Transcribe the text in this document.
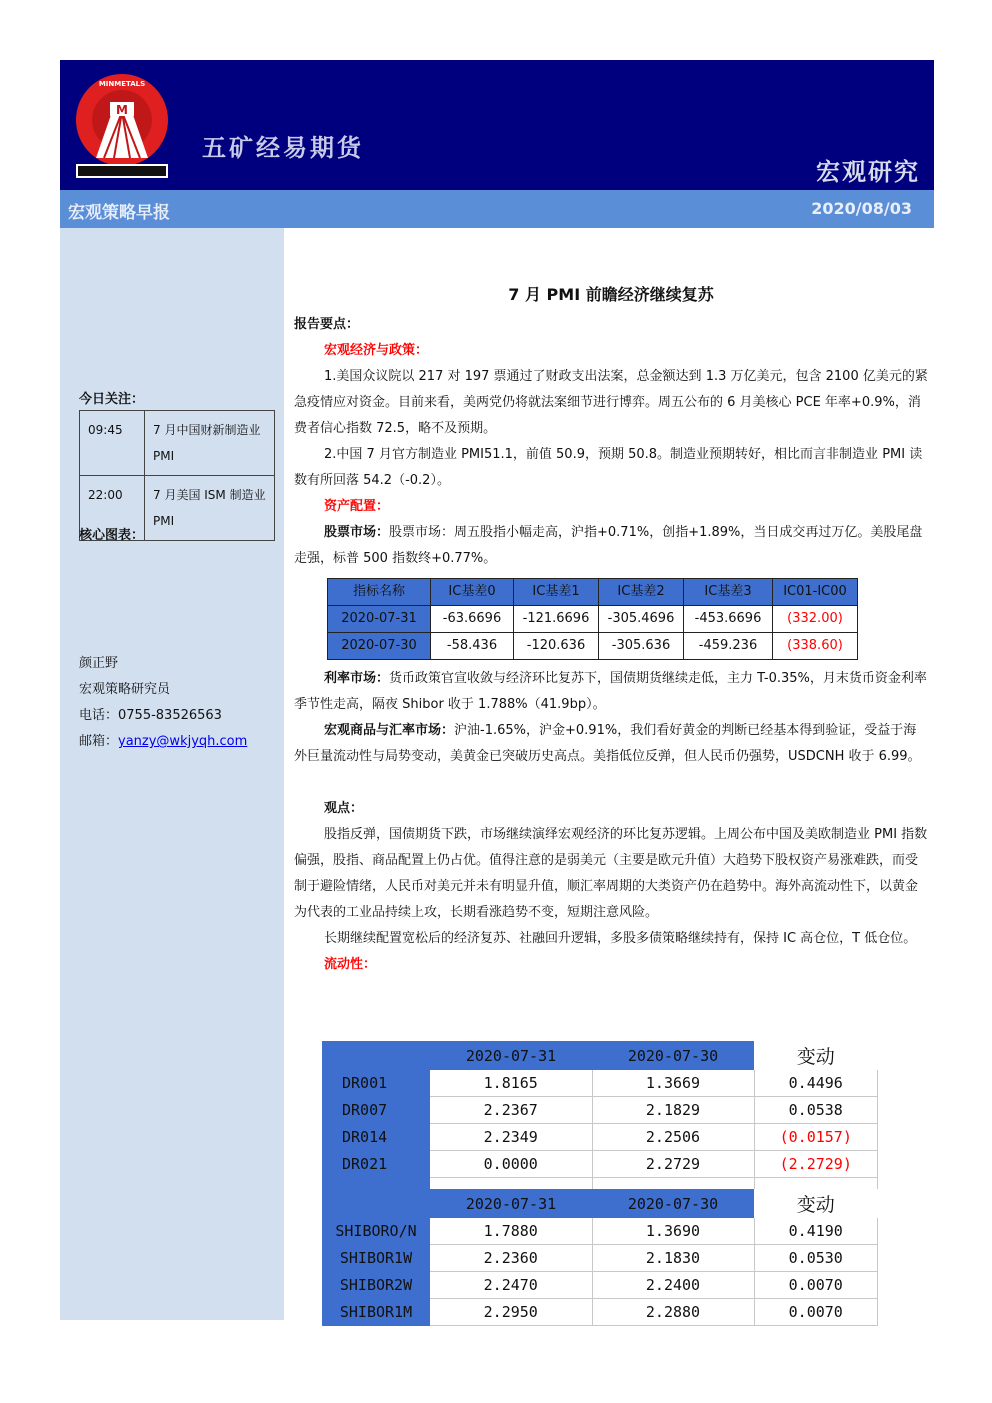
M
MINMETALS
五矿经易期货
宏观研究
宏观策略早报	2020/08/03
今日关注：
09:45	7 月中国财新制造业 PMI
22:00	7 月美国 ISM 制造业 PMI
核心图表：
颜正野
宏观策略研究员
电话：0755-83526563
邮箱：yanzy@wkjyqh.com
7 月 PMI 前瞻经济继续复苏

报告要点：

宏观经济与政策：

1.美国众议院以 217 对 197 票通过了财政支出法案，总金额达到 1.3 万亿美元，包含 2100 亿美元的紧急疫情应对资金。目前来看，美两党仍将就法案细节进行博弈。周五公布的 6 月美核心 PCE 年率+0.9%，消费者信心指数 72.5，略不及预期。

2.中国 7 月官方制造业 PMI51.1，前值 50.9，预期 50.8。制造业预期转好，相比而言非制造业 PMI 读数有所回落 54.2（-0.2）。

资产配置：

股票市场：股票市场：周五股指小幅走高，沪指+0.71%，创指+1.89%，当日成交再过万亿。美股尾盘走强，标普 500 指数终+0.77%。

指标名称	IC基差0	IC基差1	IC基差2	IC基差3	IC01-IC00
2020-07-31	-63.6696	-121.6696	-305.4696	-453.6696	(332.00)
2020-07-30	-58.436	-120.636	-305.636	-459.236	(338.60)

利率市场：货币政策官宣收敛与经济环比复苏下，国债期货继续走低，主力 T-0.35%，月末货币资金利率季节性走高，隔夜 Shibor 收于 1.788%（41.9bp）。

宏观商品与汇率市场：沪油-1.65%，沪金+0.91%，我们看好黄金的判断已经基本得到验证，受益于海外巨量流动性与局势变动，美黄金已突破历史高点。美指低位反弹，但人民币仍强势，USDCNH 收于 6.99。

观点：

股指反弹，国债期货下跌，市场继续演绎宏观经济的环比复苏逻辑。上周公布中国及美欧制造业 PMI 指数偏强，股指、商品配置上仍占优。值得注意的是弱美元（主要是欧元升值）大趋势下股权资产易涨难跌，而受制于避险情绪，人民币对美元并未有明显升值，顺汇率周期的大类资产仍在趋势中。海外高流动性下，以黄金为代表的工业品持续上攻，长期看涨趋势不变，短期注意风险。

长期继续配置宽松后的经济复苏、社融回升逻辑，多股多债策略继续持有，保持 IC 高仓位，T 低仓位。

流动性：

	2020-07-31	2020-07-30	变动
DR001	1.8165	1.3669	0.4496
DR007	2.2367	2.1829	0.0538
DR014	2.2349	2.2506	(0.0157)
DR021	0.0000	2.2729	(2.2729)

	2020-07-31	2020-07-30	变动
SHIBORO/N	1.7880	1.3690	0.4190
SHIBOR1W	2.2360	2.1830	0.0530
SHIBOR2W	2.2470	2.2400	0.0070
SHIBOR1M	2.2950	2.2880	0.0070
